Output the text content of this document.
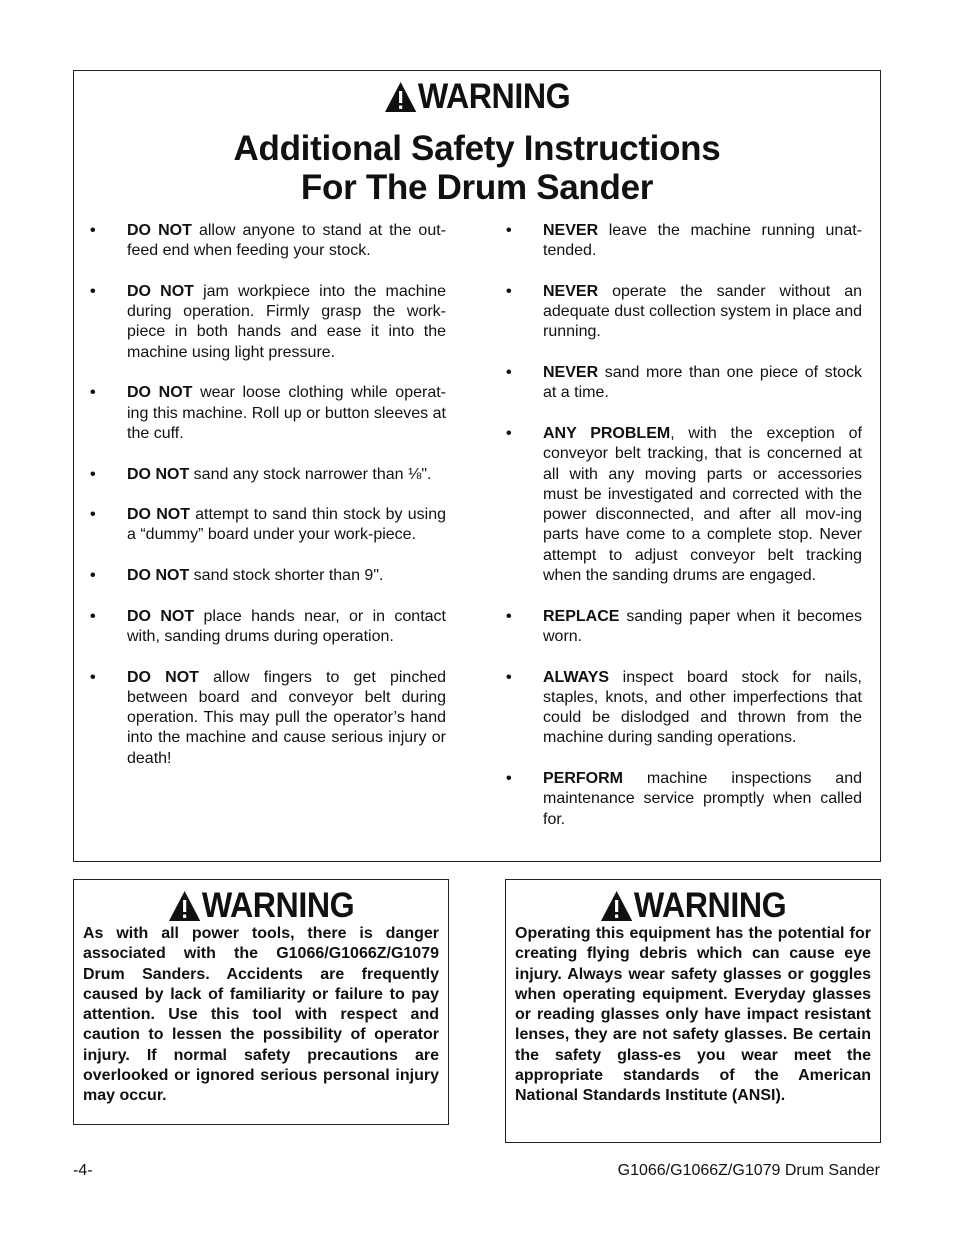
WARNING
Additional Safety Instructions
For The Drum Sander
• DO NOT allow anyone to stand at the out-feed end when feeding your stock.
• DO NOT jam workpiece into the machine during operation. Firmly grasp the work-piece in both hands and ease it into the machine using light pressure.
• DO NOT wear loose clothing while operat-ing this machine. Roll up or button sleeves at the cuff.
• DO NOT sand any stock narrower than ⅛".
• DO NOT attempt to sand thin stock by using a “dummy” board under your work-piece.
• DO NOT sand stock shorter than 9".
• DO NOT place hands near, or in contact with, sanding drums during operation.
• DO NOT allow fingers to get pinched between board and conveyor belt during operation. This may pull the operator’s hand into the machine and cause serious injury or death!
• NEVER leave the machine running unat-tended.
• NEVER operate the sander without an adequate dust collection system in place and running.
• NEVER sand more than one piece of stock at a time.
• ANY PROBLEM, with the exception of conveyor belt tracking, that is concerned at all with any moving parts or accessories must be investigated and corrected with the power disconnected, and after all mov-ing parts have come to a complete stop. Never attempt to adjust conveyor belt tracking when the sanding drums are engaged.
• REPLACE sanding paper when it becomes worn.
• ALWAYS inspect board stock for nails, staples, knots, and other imperfections that could be dislodged and thrown from the machine during sanding operations.
• PERFORM machine inspections and maintenance service promptly when called for.
WARNING
As with all power tools, there is danger associated with the G1066/G1066Z/G1079 Drum Sanders. Accidents are frequently caused by lack of familiarity or failure to pay attention. Use this tool with respect and caution to lessen the possibility of operator injury. If normal safety precautions are overlooked or ignored serious personal injury may occur.
WARNING
Operating this equipment has the potential for creating flying debris which can cause eye injury. Always wear safety glasses or goggles when operating equipment. Everyday glasses or reading glasses only have impact resistant lenses, they are not safety glasses. Be certain the safety glass-es you wear meet the appropriate standards of the American National Standards Institute (ANSI).
-4-	G1066/G1066Z/G1079 Drum Sander
